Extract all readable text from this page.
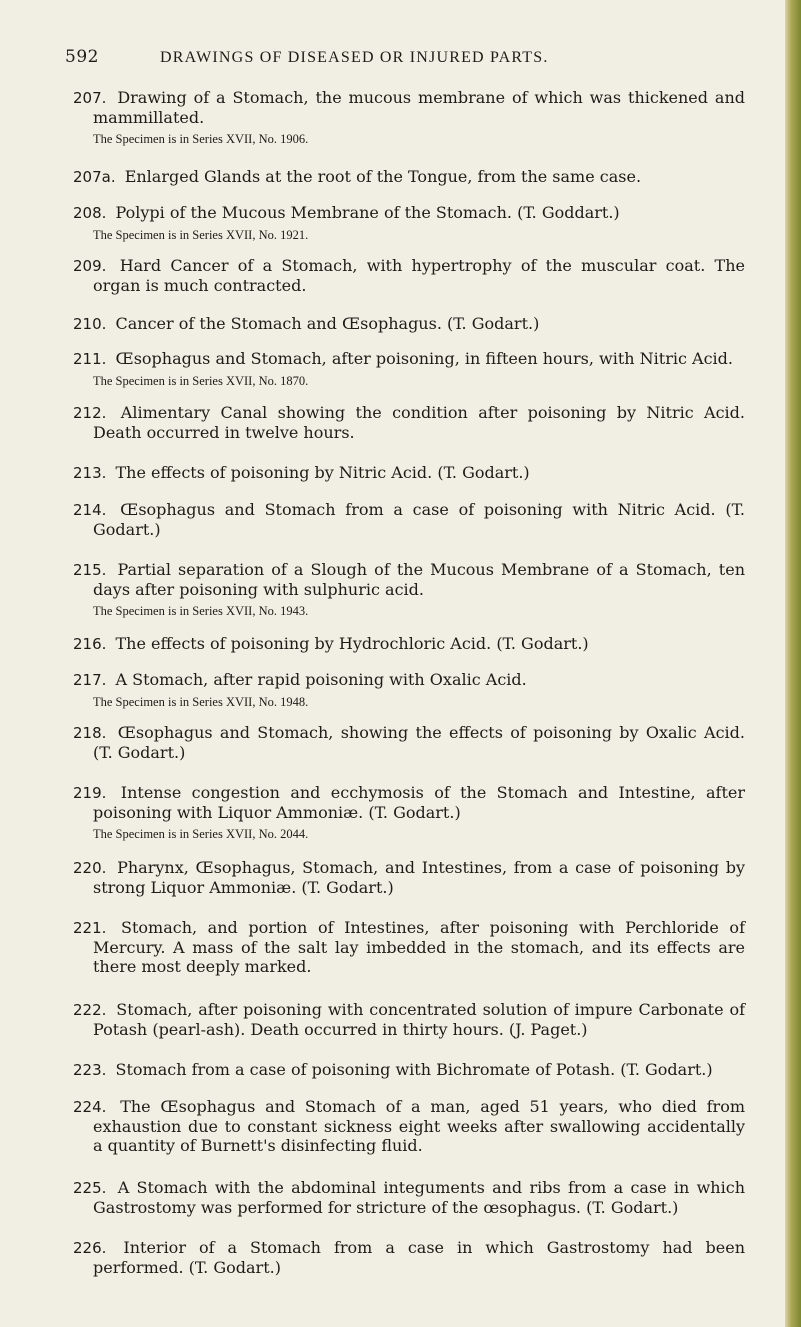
592	DRAWINGS OF DISEASED OR INJURED PARTS.

207. Drawing of a Stomach, the mucous membrane of which was thickened and mammillated.

The Specimen is in Series XVII, No. 1906.

207a. Enlarged Glands at the root of the Tongue, from the same case.

208. Polypi of the Mucous Membrane of the Stomach. (T. Goddart.)

The Specimen is in Series XVII, No. 1921.

209. Hard Cancer of a Stomach, with hypertrophy of the muscular coat. The organ is much contracted.

210. Cancer of the Stomach and Œsophagus. (T. Godart.)

211. Œsophagus and Stomach, after poisoning, in fifteen hours, with Nitric Acid.

The Specimen is in Series XVII, No. 1870.

212. Alimentary Canal showing the condition after poisoning by Nitric Acid. Death occurred in twelve hours.

213. The effects of poisoning by Nitric Acid. (T. Godart.)

214. Œsophagus and Stomach from a case of poisoning with Nitric Acid. (T. Godart.)

215. Partial separation of a Slough of the Mucous Membrane of a Stomach, ten days after poisoning with sulphuric acid.

The Specimen is in Series XVII, No. 1943.

216. The effects of poisoning by Hydrochloric Acid. (T. Godart.)

217. A Stomach, after rapid poisoning with Oxalic Acid.

The Specimen is in Series XVII, No. 1948.

218. Œsophagus and Stomach, showing the effects of poisoning by Oxalic Acid. (T. Godart.)

219. Intense congestion and ecchymosis of the Stomach and Intestine, after poisoning with Liquor Ammoniæ. (T. Godart.)

The Specimen is in Series XVII, No. 2044.

220. Pharynx, Œsophagus, Stomach, and Intestines, from a case of poisoning by strong Liquor Ammoniæ. (T. Godart.)

221. Stomach, and portion of Intestines, after poisoning with Perchloride of Mercury. A mass of the salt lay imbedded in the stomach, and its effects are there most deeply marked.

222. Stomach, after poisoning with concentrated solution of impure Carbonate of Potash (pearl-ash). Death occurred in thirty hours. (J. Paget.)

223. Stomach from a case of poisoning with Bichromate of Potash. (T. Godart.)

224. The Œsophagus and Stomach of a man, aged 51 years, who died from exhaustion due to constant sickness eight weeks after swallowing accidentally a quantity of Burnett's disinfecting fluid.

225. A Stomach with the abdominal integuments and ribs from a case in which Gastrostomy was performed for stricture of the œsophagus. (T. Godart.)

226. Interior of a Stomach from a case in which Gastrostomy had been performed. (T. Godart.)
